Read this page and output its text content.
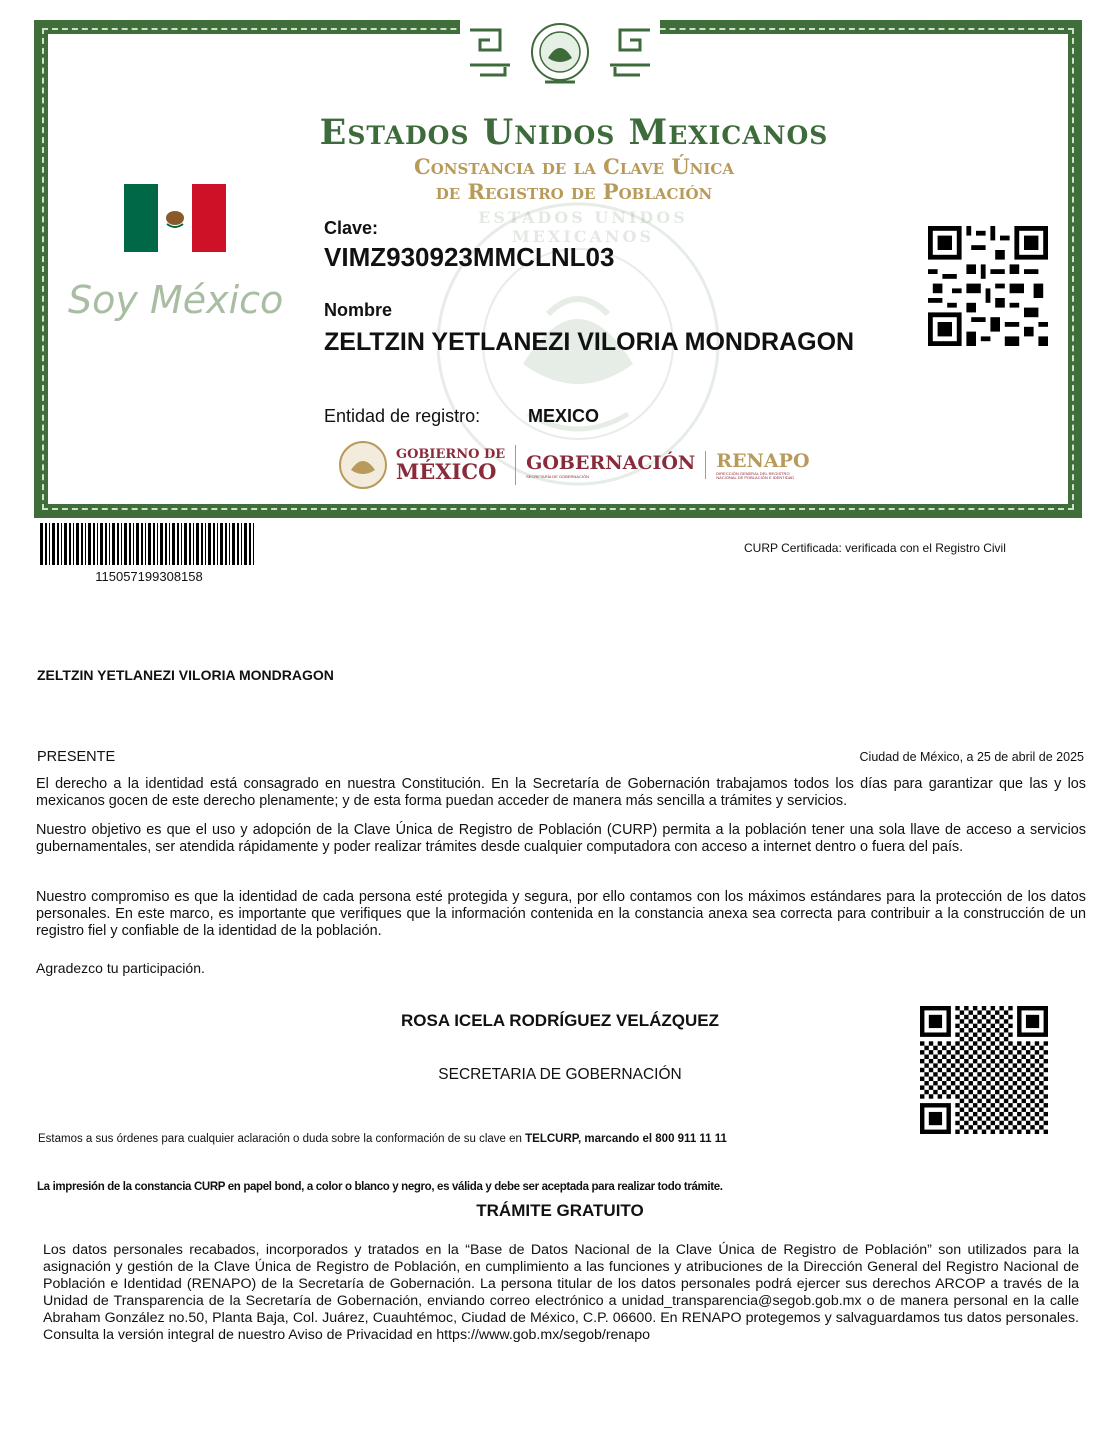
ESTADOS UNIDOS MEXICANOS
Estados Unidos Mexicanos
Constancia de la Clave Única
de Registro de Población
Soy México
Clave:
VIMZ930923MMCLNL03
Nombre
ZELTZIN YETLANEZI VILORIA MONDRAGON
Entidad de registro:	MEXICO
GOBIERNO DE
MÉXICO	GOBERNACIÓN
SECRETARÍA DE GOBERNACIÓN
RENAPO
DIRECCIÓN GENERAL DEL REGISTRO NACIONAL DE POBLACIÓN E IDENTIDAD
115057199308158
CURP Certificada: verificada con el Registro Civil
ZELTZIN YETLANEZI VILORIA MONDRAGON
PRESENTE	Ciudad de México, a 25 de abril de 2025
El derecho a la identidad está consagrado en nuestra Constitución. En la Secretaría de Gobernación trabajamos todos los días para garantizar que las y los mexicanos gocen de este derecho plenamente; y de esta forma puedan acceder de manera más sencilla a trámites y servicios.
Nuestro objetivo es que el uso y adopción de la Clave Única de Registro de Población (CURP) permita a la población tener una sola llave de acceso a servicios gubernamentales, ser atendida rápidamente y poder realizar trámites desde cualquier computadora con acceso a internet dentro o fuera del país.
Nuestro compromiso es que la identidad de cada persona esté protegida y segura, por ello contamos con los máximos estándares para la protección de los datos personales. En este marco, es importante que verifiques que la información contenida en la constancia anexa sea correcta para contribuir a la construcción de un registro fiel y confiable de la identidad de la población.
Agradezco tu participación.
ROSA ICELA RODRÍGUEZ VELÁZQUEZ
SECRETARIA DE GOBERNACIÓN
Estamos a sus órdenes para cualquier aclaración o duda sobre la conformación de su clave en TELCURP, marcando el 800 911 11 11
La impresión de la constancia CURP en papel bond, a color o blanco y negro, es válida y debe ser aceptada para realizar todo trámite.
TRÁMITE GRATUITO
Los datos personales recabados, incorporados y tratados en la “Base de Datos Nacional de la Clave Única de Registro de Población” son utilizados para la asignación y gestión de la Clave Única de Registro de Población, en cumplimiento a las funciones y atribuciones de la Dirección General del Registro Nacional de Población e Identidad (RENAPO) de la Secretaría de Gobernación. La persona titular de los datos personales podrá ejercer sus derechos ARCOP a través de la Unidad de Transparencia de la Secretaría de Gobernación, enviando correo electrónico a unidad_transparencia@segob.gob.mx o de manera personal en la calle Abraham González no.50, Planta Baja, Col. Juárez, Cuauhtémoc, Ciudad de México, C.P. 06600. En RENAPO protegemos y salvaguardamos tus datos personales. Consulta la versión integral de nuestro Aviso de Privacidad en https://www.gob.mx/segob/renapo
